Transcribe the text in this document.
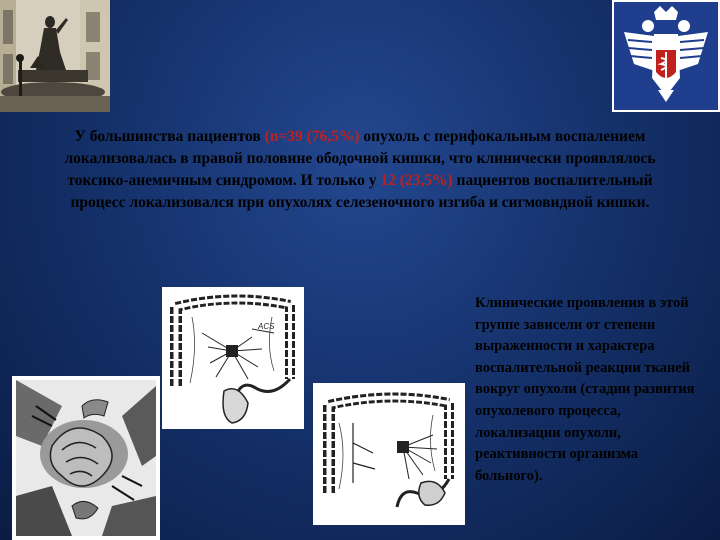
У большинства пациентов (n=39 (76,5%) опухоль с перифокальным воспалением локализовалась в правой половине ободочной кишки, что клинически проявлялось токсико-анемичным синдромом. И только у 12 (23,5%) пациентов воспалительный процесс локализовался при опухолях селезеночного изгиба и сигмовидной кишки.
Клинические проявления в этой группе зависели от степени выраженности и характера воспалительной реакции тканей вокруг опухоли (стадии развития опухолевого процесса, локализации опухоли, реактивности организма больного).
ACS
